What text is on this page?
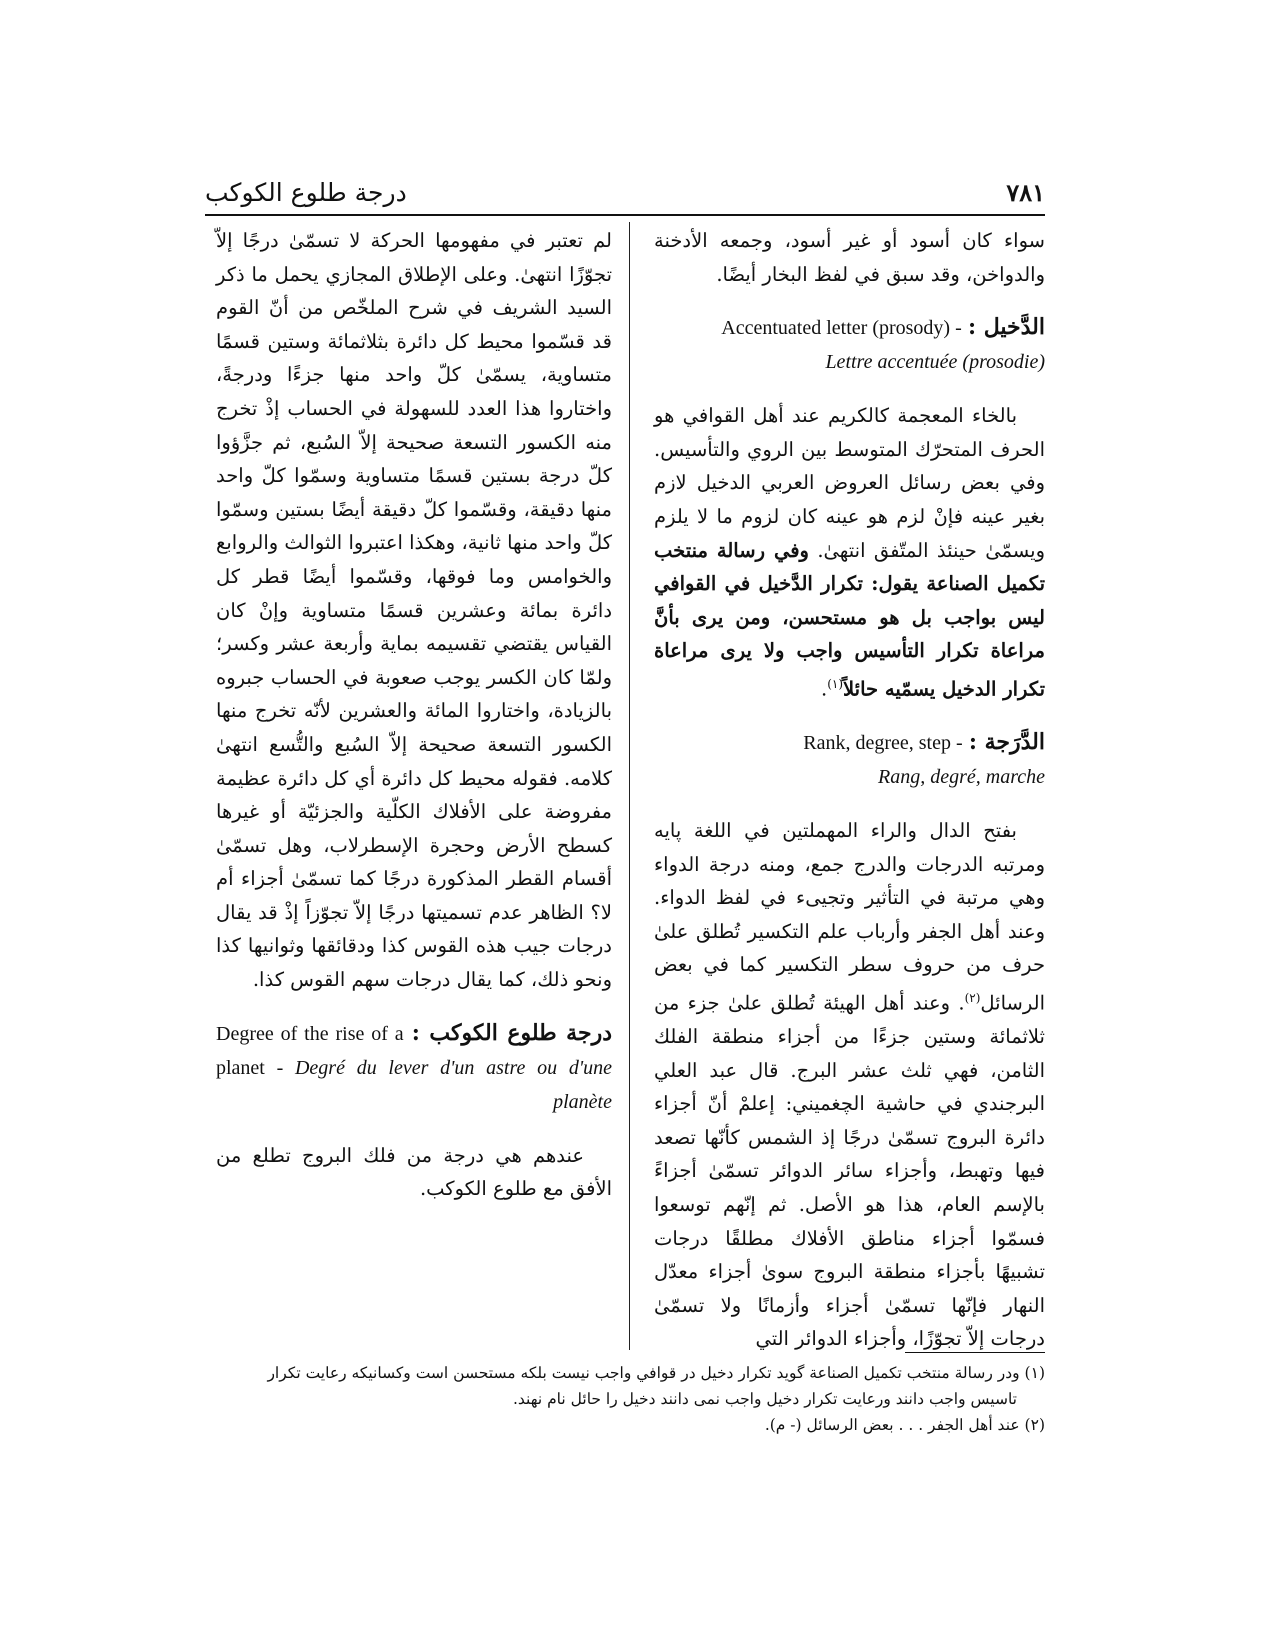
٧٨١
درجة طلوع الكوكب

سواء كان أسود أو غير أسود، وجمعه الأدخنة والدواخن، وقد سبق في لفظ البخار أيضًا.

الدَّخيل : Accentuated letter (prosody) -
Lettre accentuée (prosodie)

بالخاء المعجمة كالكريم عند أهل القوافي هو الحرف المتحرّك المتوسط بين الروي والتأسيس. وفي بعض رسائل العروض العربي الدخيل لازم بغير عينه فإنْ لزم هو عينه كان لزوم ما لا يلزم ويسمّىٰ حينئذ المتّفق انتهىٰ. وفي رسالة منتخب تكميل الصناعة يقول: تكرار الدَّخيل في القوافي ليس بواجب بل هو مستحسن، ومن يرى بأنَّ مراعاة تكرار التأسيس واجب ولا يرى مراعاة تكرار الدخيل يسمّيه حائلاً$^{(١)}$.

الدَّرَجة : Rank, degree, step -
Rang, degré, marche

بفتح الدال والراء المهملتين في اللغة پايه ومرتبه الدرجات والدرج جمع، ومنه درجة الدواء وهي مرتبة في التأثير وتجيىء في لفظ الدواء. وعند أهل الجفر وأرباب علم التكسير تُطلق علىٰ حرف من حروف سطر التكسير كما في بعض الرسائل$^{(٢)}$. وعند أهل الهيئة تُطلق علىٰ جزء من ثلاثمائة وستين جزءًا من أجزاء منطقة الفلك الثامن، فهي ثلث عشر البرج. قال عبد العلي البرجندي في حاشية الچغميني: إعلمْ أنّ أجزاء دائرة البروج تسمّىٰ درجًا إذ الشمس كأنّها تصعد فيها وتهبط، وأجزاء سائر الدوائر تسمّىٰ أجزاءً بالإسم العام، هذا هو الأصل. ثم إنّهم توسعوا فسمّوا أجزاء مناطق الأفلاك مطلقًا درجات تشبيهًا بأجزاء منطقة البروج سوىٰ أجزاء معدّل النهار فإنّها تسمّىٰ أجزاء وأزمانًا ولا تسمّىٰ درجات إلاّ تجوّزًا، وأجزاء الدوائر التي

لم تعتبر في مفهومها الحركة لا تسمّىٰ درجًا إلاّ تجوّزًا انتهىٰ. وعلى الإطلاق المجازي يحمل ما ذكر السيد الشريف في شرح الملخّص من أنّ القوم قد قسّموا محيط كل دائرة بثلاثمائة وستين قسمًا متساوية، يسمّىٰ كلّ واحد منها جزءًا ودرجةً، واختاروا هذا العدد للسهولة في الحساب إذْ تخرج منه الكسور التسعة صحيحة إلاّ السُبع، ثم جزَّؤوا كلّ درجة بستين قسمًا متساوية وسمّوا كلّ واحد منها دقيقة، وقسّموا كلّ دقيقة أيضًا بستين وسمّوا كلّ واحد منها ثانية، وهكذا اعتبروا الثوالث والروابع والخوامس وما فوقها، وقسّموا أيضًا قطر كل دائرة بمائة وعشرين قسمًا متساوية وإنْ كان القياس يقتضي تقسيمه بماية وأربعة عشر وكسر؛ ولمّا كان الكسر يوجب صعوبة في الحساب جبروه بالزيادة، واختاروا المائة والعشرين لأنّه تخرج منها الكسور التسعة صحيحة إلاّ السُبع والتُّسع انتهىٰ كلامه. فقوله محيط كل دائرة أي كل دائرة عظيمة مفروضة على الأفلاك الكلّية والجزئيّة أو غيرها كسطح الأرض وحجرة الإسطرلاب، وهل تسمّىٰ أقسام القطر المذكورة درجًا كما تسمّىٰ أجزاء أم لا؟ الظاهر عدم تسميتها درجًا إلاّ تجوّزاً إذْ قد يقال درجات جيب هذه القوس كذا ودقائقها وثوانيها كذا ونحو ذلك، كما يقال درجات سهم القوس كذا.

درجة طلوع الكوكب : Degree of the rise of a planet - Degré du lever d'un astre ou d'une planète

عندهم هي درجة من فلك البروج تطلع من الأفق مع طلوع الكوكب.

(١) ودر رسالة منتخب تكميل الصناعة گويد تكرار دخيل در قوافي واجب نيست بلكه مستحسن است وكسانيكه رعايت تكرار

تاسيس واجب دانند ورعايت تكرار دخيل واجب نمى دانند دخيل را حائل نام نهند.

(٢) عند أهل الجفر . . . بعض الرسائل (- م).
